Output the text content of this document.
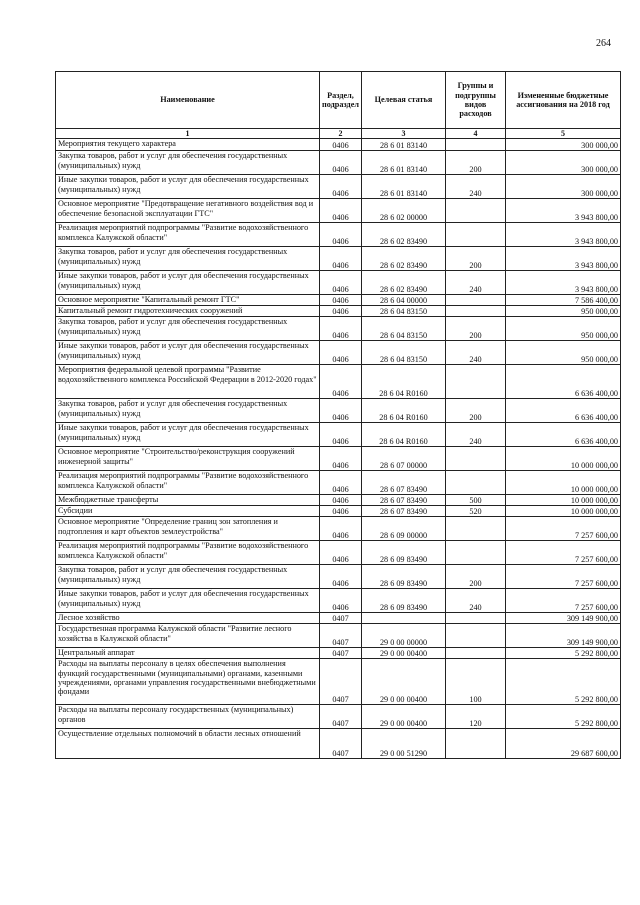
264
Наименование	Раздел, подраздел	Целевая статья	Группы и подгруппы видов расходов	Измененные бюджетные ассигнования на 2018 год
1	2	3	4	5
Мероприятия текущего характера	0406	28 6 01 83140		300 000,00
Закупка товаров, работ и услуг для обеспечения государственных (муниципальных) нужд	0406	28 6 01 83140	200	300 000,00
Иные закупки товаров, работ и услуг для обеспечения государственных (муниципальных) нужд	0406	28 6 01 83140	240	300 000,00
Основное мероприятие "Предотвращение негативного воздействия вод и обеспечение безопасной эксплуатации ГТС"	0406	28 6 02 00000		3 943 800,00
Реализация мероприятий подпрограммы "Развитие водохозяйственного комплекса Калужской области"	0406	28 6 02 83490		3 943 800,00
Закупка товаров, работ и услуг для обеспечения государственных (муниципальных) нужд	0406	28 6 02 83490	200	3 943 800,00
Иные закупки товаров, работ и услуг для обеспечения государственных (муниципальных) нужд	0406	28 6 02 83490	240	3 943 800,00
Основное мероприятие "Капитальный ремонт ГТС"	0406	28 6 04 00000		7 586 400,00
Капитальный ремонт гидротехнических сооружений	0406	28 6 04 83150		950 000,00
Закупка товаров, работ и услуг для обеспечения государственных (муниципальных) нужд	0406	28 6 04 83150	200	950 000,00
Иные закупки товаров, работ и услуг для обеспечения государственных (муниципальных) нужд	0406	28 6 04 83150	240	950 000,00
Мероприятия федеральной целевой программы "Развитие водохозяйственного комплекса Российской Федерации в 2012-2020 годах"	0406	28 6 04 R0160		6 636 400,00
Закупка товаров, работ и услуг для обеспечения государственных (муниципальных) нужд	0406	28 6 04 R0160	200	6 636 400,00
Иные закупки товаров, работ и услуг для обеспечения государственных (муниципальных) нужд	0406	28 6 04 R0160	240	6 636 400,00
Основное мероприятие "Строительство/реконструкция сооружений инженерной защиты"	0406	28 6 07 00000		10 000 000,00
Реализация мероприятий подпрограммы "Развитие водохозяйственного комплекса Калужской области"	0406	28 6 07 83490		10 000 000,00
Межбюджетные трансферты	0406	28 6 07 83490	500	10 000 000,00
Субсидии	0406	28 6 07 83490	520	10 000 000,00
Основное мероприятие "Определение границ зон затопления и подтопления и карт объектов землеустройства"	0406	28 6 09 00000		7 257 600,00
Реализация мероприятий подпрограммы "Развитие водохозяйственного комплекса Калужской области"	0406	28 6 09 83490		7 257 600,00
Закупка товаров, работ и услуг для обеспечения государственных (муниципальных) нужд	0406	28 6 09 83490	200	7 257 600,00
Иные закупки товаров, работ и услуг для обеспечения государственных (муниципальных) нужд	0406	28 6 09 83490	240	7 257 600,00
Лесное хозяйство	0407			309 149 900,00
Государственная программа Калужской области "Развитие лесного хозяйства в Калужской области"	0407	29 0 00 00000		309 149 900,00
Центральный аппарат	0407	29 0 00 00400		5 292 800,00
Расходы на выплаты персоналу в целях обеспечения выполнения функций государственными (муниципальными) органами, казенными учреждениями, органами управления государственными внебюджетными фондами	0407	29 0 00 00400	100	5 292 800,00
Расходы на выплаты персоналу государственных (муниципальных) органов	0407	29 0 00 00400	120	5 292 800,00
Осуществление отдельных полномочий в области лесных отношений	0407	29 0 00 51290		29 687 600,00
